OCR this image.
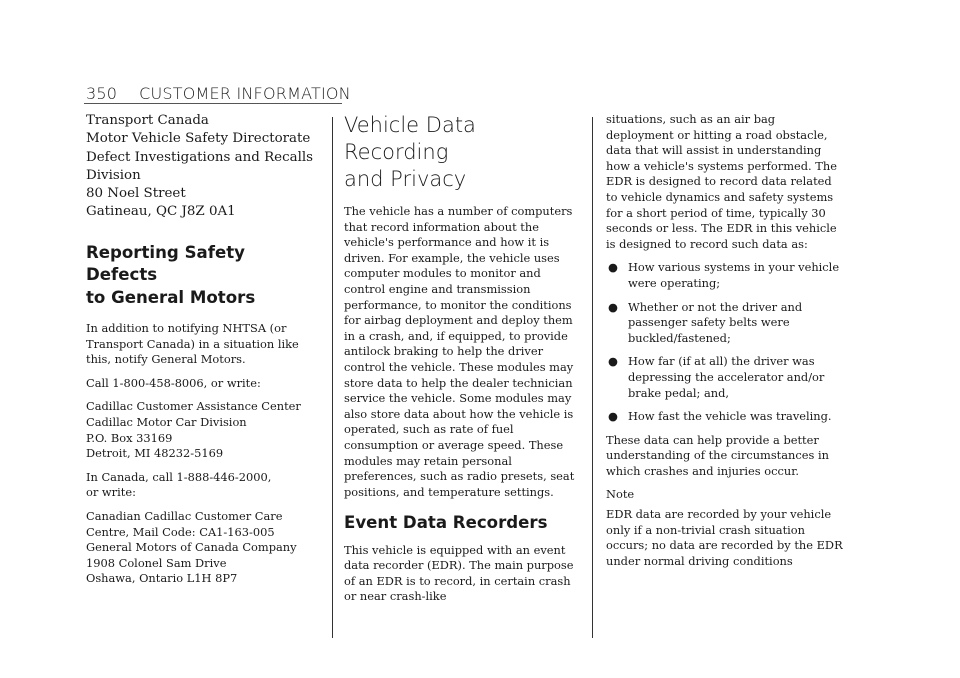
350 CUSTOMER INFORMATION
Transport Canada
Motor Vehicle Safety Directorate
Defect Investigations and Recalls
Division
80 Noel Street
Gatineau, QC J8Z 0A1
Reporting Safety Defects
to General Motors

In addition to notifying NHTSA (or Transport Canada) in a situation like this, notify General Motors.

Call 1-800-458-8006, or write:

Cadillac Customer Assistance Center
Cadillac Motor Car Division
P.O. Box 33169
Detroit, MI 48232-5169

In Canada, call 1-888-446-2000,
or write:

Canadian Cadillac Customer Care
Centre, Mail Code: CA1-163-005
General Motors of Canada Company
1908 Colonel Sam Drive
Oshawa, Ontario L1H 8P7

Vehicle Data Recording
and Privacy

The vehicle has a number of computers that record information about the vehicle's performance and how it is driven. For example, the vehicle uses computer modules to monitor and control engine and transmission performance, to monitor the conditions for airbag deployment and deploy them in a crash, and, if equipped, to provide antilock braking to help the driver control the vehicle. These modules may store data to help the dealer technician service the vehicle. Some modules may also store data about how the vehicle is operated, such as rate of fuel consumption or average speed. These modules may retain personal preferences, such as radio presets, seat positions, and temperature settings.

Event Data Recorders

This vehicle is equipped with an event data recorder (EDR). The main purpose of an EDR is to record, in certain crash or near crash-like

situations, such as an air bag deployment or hitting a road obstacle, data that will assist in understanding how a vehicle's systems performed. The EDR is designed to record data related to vehicle dynamics and safety systems for a short period of time, typically 30 seconds or less. The EDR in this vehicle is designed to record such data as:

● How various systems in your vehicle were operating;
● Whether or not the driver and passenger safety belts were buckled/fastened;
● How far (if at all) the driver was depressing the accelerator and/or brake pedal; and,
● How fast the vehicle was traveling.

These data can help provide a better understanding of the circumstances in which crashes and injuries occur.

Note

EDR data are recorded by your vehicle only if a non-trivial crash situation occurs; no data are recorded by the EDR under normal driving conditions
